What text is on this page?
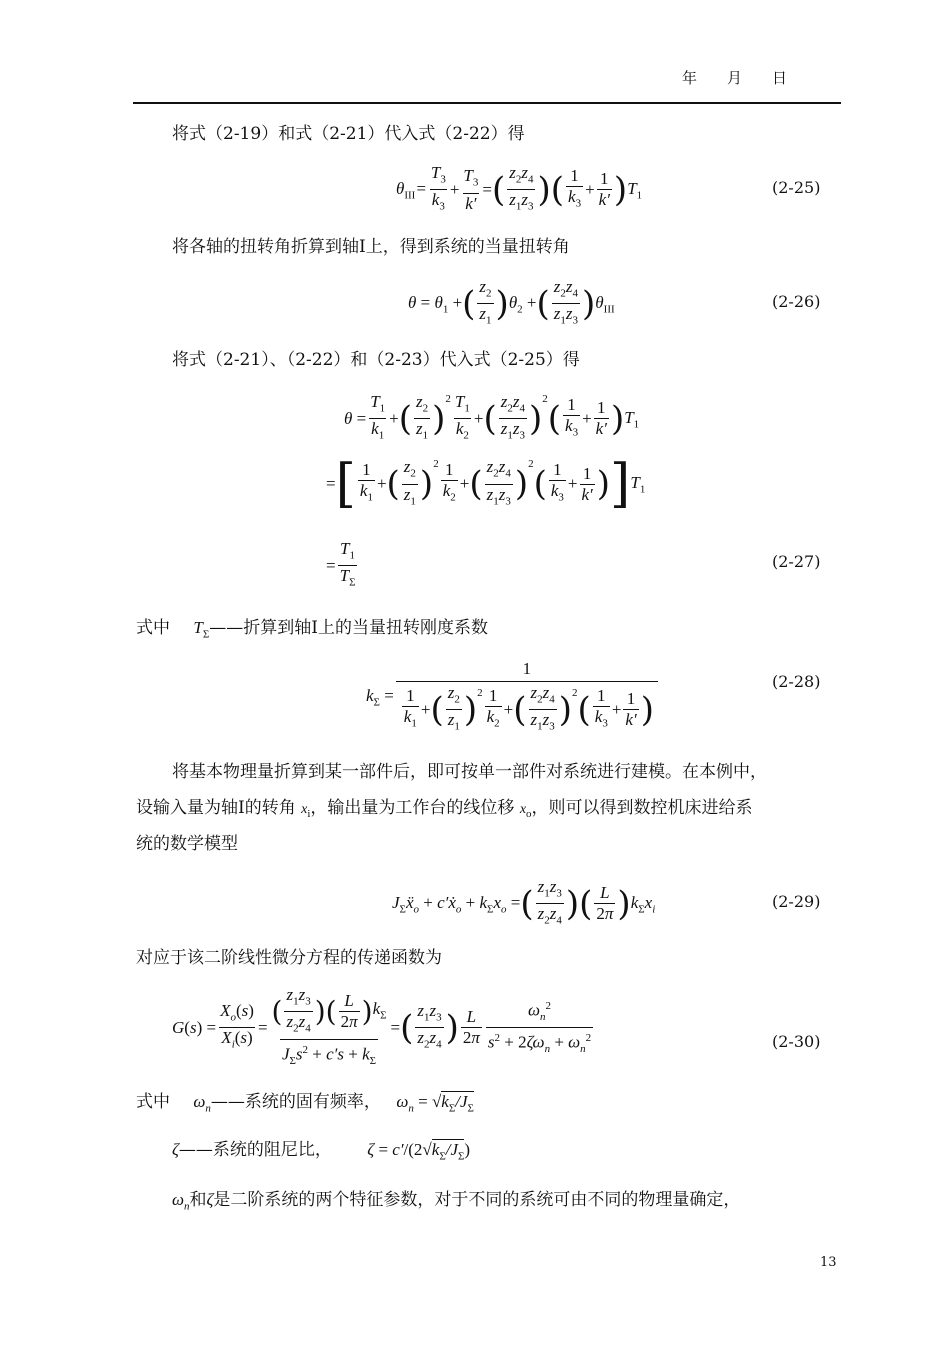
年　　月　　日
将式（2-19）和式（2-21）代入式（2-22）得
$\theta_{III}= \frac{T_3}{k_3} + \frac{T_3}{k'}$ = ( $\frac{z_2z_4}{z_1z_3}$ ) ( $\frac{1}{k_3} + \frac{1}{k'}$ ) $T_1$	(2-25)
将各轴的扭转角折算到轴Ⅰ上，得到系统的当量扭转角
$\theta = \theta_1$ + ( $\frac{z_2}{z_1}$ ) $\theta_2$ + ( $\frac{z_2z_4}{z_1z_3}$ ) $\theta_{III}$	(2-26)
将式（2-21）、（2-22）和（2-23）代入式（2-25）得
$\theta = \frac{T_1}{k_1}$ + ( $\frac{z_2}{z_1} )^2 \frac{T_1}{k_2}$ + ( $\frac{z_2z_4}{z_1z_3} )^2$ ( $\frac{1}{k_3} + \frac{1}{k'}$ ) $T_1$
= [ $\frac{1}{k_1}$ + ( $\frac{z_2}{z_1} )^2 \frac{1}{k_2}$ + ( $\frac{z_2z_4}{z_1z_3} )^2$ ( $\frac{1}{k_3} + \frac{1}{k'}$ ) ] $T_1$
= $\frac{T_1}{T_\Sigma}$	(2-27)
式中 $T_\Sigma——$折算到轴Ⅰ上的当量扭转刚度系数
$k_\Sigma$ =
1
$\frac{1}{k_1}$ + ( $\frac{z_2}{z_1} )^2 \frac{1}{k_2}$ + ( $\frac{z_2z_4}{z_1z_3} )^2$ ( $\frac{1}{k_3} + \frac{1}{k'}$ )
(2-28)
将基本物理量折算到某一部件后，即可按单一部件对系统进行建模。在本例中，
设输入量为轴Ⅰ的转角 $x_i$，输出量为工作台的线位移 $x_o$，则可以得到数控机床进给系
统的数学模型
$J_\Sigma ẍ_o$ + c′ẋ$_o$ + $k_\Sigma x_o$ = ( $\frac{z_1z_3}{z_2z_4}$ ) ( $\frac{L}{2\pi}$ ) $k_\Sigma x_i$	(2-29)
对应于该二阶线性微分方程的传递函数为
$G(s) = \frac{X_o(s)}{X_i(s)} = \frac{( \frac{z_1z_3}{z_2z_4} ) ( \frac{L}{2\pi} ) k_\Sigma}{J_\Sigma s^2 + c's + k_\Sigma}$ = ( $\frac{z_1z_3}{z_2z_4}$ ) $\frac{L}{2\pi} \frac{\omega_n^2}{s^2 + 2\zeta\omega_n + \omega_n^2}$	(2-30)
式中 $\omega_n——$系统的固有频率， $\omega_n = √k_\Sigma/J_\Sigma$
ζ——系统的阻尼比， $\zeta = c'/(2√k_\Sigma/J_\Sigma)$
$\omega_n$和ζ是二阶系统的两个特征参数，对于不同的系统可由不同的物理量确定，
13
